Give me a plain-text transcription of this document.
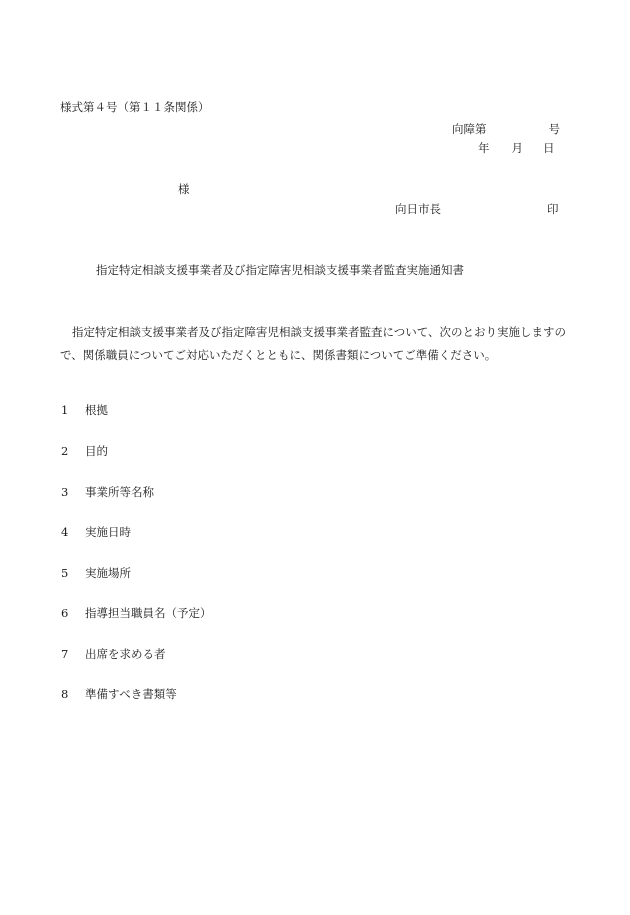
様式第４号（第１１条関係）
向障第	号
年 月 日
様
向日市長	印
指定特定相談支援事業者及び指定障害児相談支援事業者監査実施通知書

指定特定相談支援事業者及び指定障害児相談支援事業者監査について、次のとおり実施しますので、関係職員についてご対応いただくとともに、関係書類についてご準備ください。

1 根拠
2 目的
3 事業所等名称
4 実施日時
5 実施場所
6 指導担当職員名（予定）
7 出席を求める者
8 準備すべき書類等
